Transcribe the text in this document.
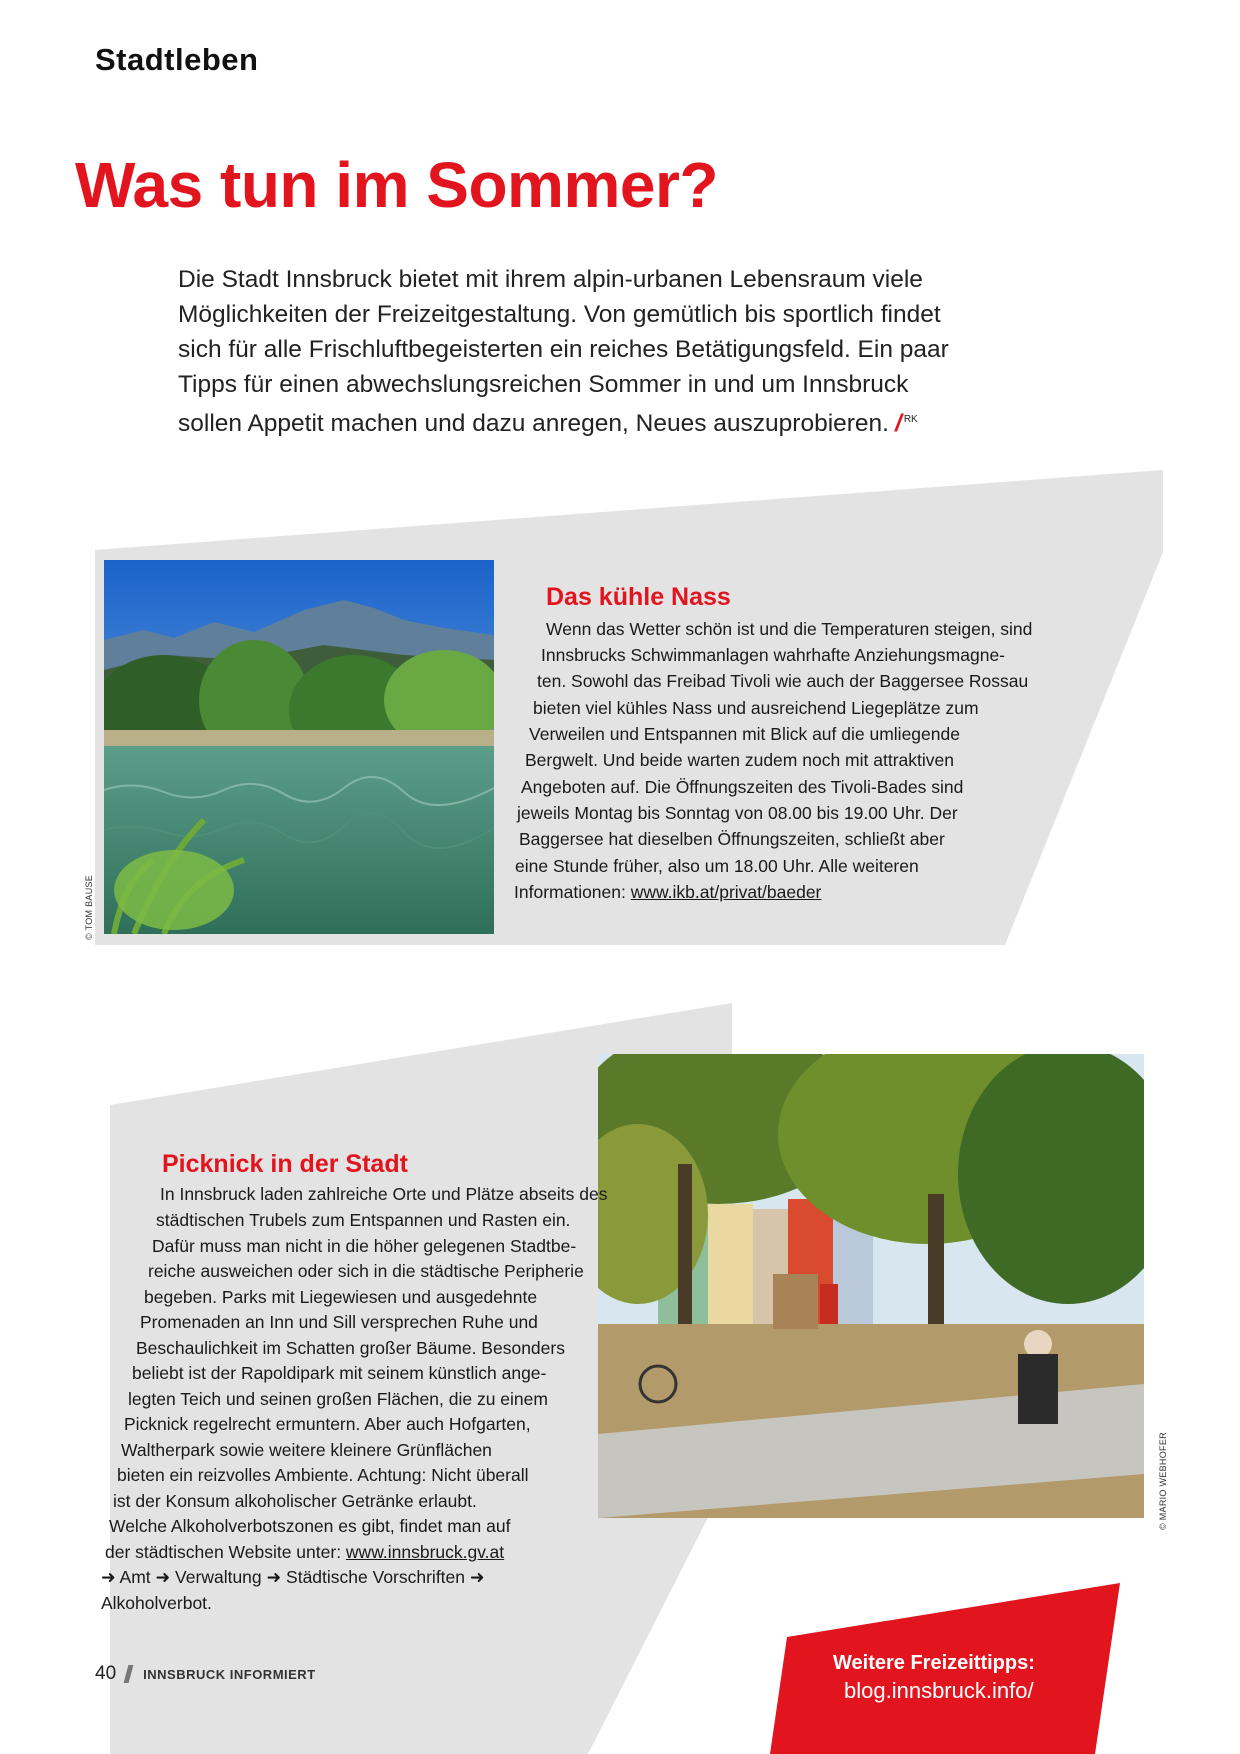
Stadtleben
Was tun im Sommer?
Die Stadt Innsbruck bietet mit ihrem alpin-urbanen Lebensraum viele
Möglichkeiten der Freizeitgestaltung. Von gemütlich bis sportlich findet
sich für alle Frischluftbegeisterten ein reiches Betätigungsfeld. Ein paar
Tipps für einen abwechslungsreichen Sommer in und um Innsbruck
sollen Appetit machen und dazu anregen, Neues auszuprobieren. / $^{RK}$
© TOM BAUSE
Das kühle Nass
Wenn das Wetter schön ist und die Temperaturen steigen, sind
Innsbrucks Schwimmanlagen wahrhafte Anziehungsmagne-
ten. Sowohl das Freibad Tivoli wie auch der Baggersee Rossau
bieten viel kühles Nass und ausreichend Liegeplätze zum
Verweilen und Entspannen mit Blick auf die umliegende
Bergwelt. Und beide warten zudem noch mit attraktiven
Angeboten auf. Die Öffnungszeiten des Tivoli-Bades sind
jeweils Montag bis Sonntag von 08.00 bis 19.00 Uhr. Der
Baggersee hat dieselben Öffnungszeiten, schließt aber
eine Stunde früher, also um 18.00 Uhr. Alle weiteren
Informationen: www.ikb.at/privat/baeder
© MARIO WEBHOFER
Picknick in der Stadt
In Innsbruck laden zahlreiche Orte und Plätze abseits des
städtischen Trubels zum Entspannen und Rasten ein.
Dafür muss man nicht in die höher gelegenen Stadtbe-
reiche ausweichen oder sich in die städtische Peripherie
begeben. Parks mit Liegewiesen und ausgedehnte
Promenaden an Inn und Sill versprechen Ruhe und
Beschaulichkeit im Schatten großer Bäume. Besonders
beliebt ist der Rapoldipark mit seinem künstlich ange-
legten Teich und seinen großen Flächen, die zu einem
Picknick regelrecht ermuntern. Aber auch Hofgarten,
Waltherpark sowie weitere kleinere Grünflächen
bieten ein reizvolles Ambiente. Achtung: Nicht überall
ist der Konsum alkoholischer Getränke erlaubt.
Welche Alkoholverbotszonen es gibt, findet man auf
der städtischen Website unter: www.innsbruck.gv.at
➜ Amt ➜ Verwaltung ➜ Städtische Vorschriften ➜
Alkoholverbot.
40 INNSBRUCK INFORMIERT	Weitere Freizeittipps:
blog.innsbruck.info/
